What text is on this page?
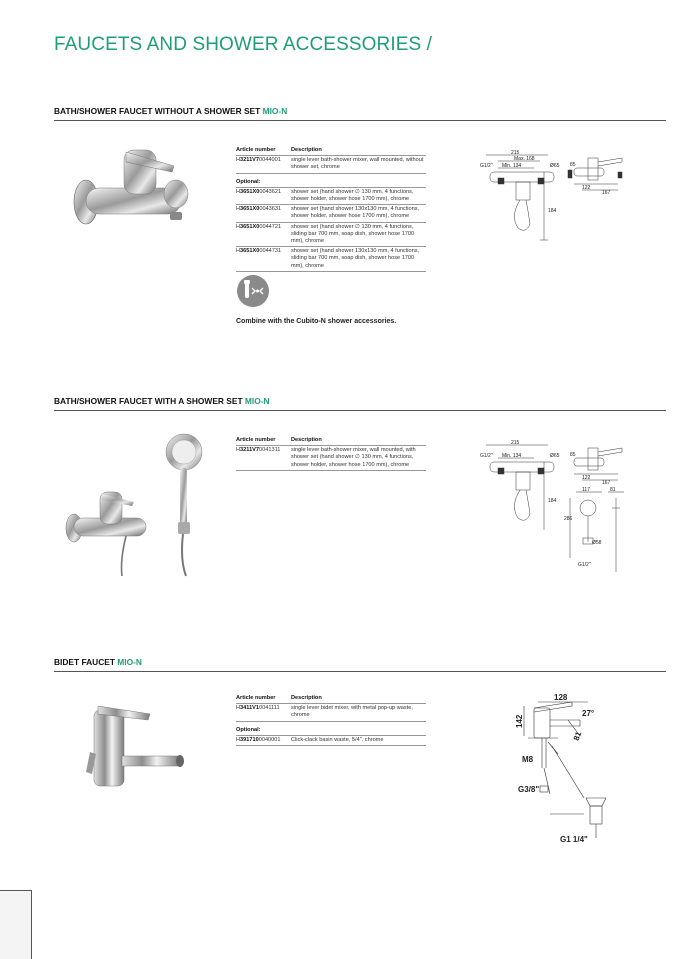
FAUCETS AND SHOWER ACCESSORIES /
BATH/SHOWER FAUCET WITHOUT A SHOWER SET MIO-N
Article number	Description
H3211V70044001	single lever bath-shower mixer, wall mounted, without shower set, chrome
Optional:
H3651X00043621	shower set (hand shower ∅ 130 mm, 4 functions, shower holder, shower hose 1700 mm), chrome
H3651X00043631	shower set (hand shower 130x130 mm, 4 functions, shower holder, shower hose 1700 mm), chrome
H3651X00044721	shower set (hand shower ∅ 130 mm, 4 functions, sliding bar 700 mm, soap dish, shower hose 1700 mm), chrome
H3651X00044731	shower set (hand shower 130x130 mm, 4 functions, sliding bar 700 mm, soap dish, shower hose 1700 mm), chrome
Combine with the Cubito-N shower accessories.
215
Max. 168
G1/2" Min. 134	Ø65
184
85
122
167
BATH/SHOWER FAUCET WITH A SHOWER SET MIO-N
Article number	Description
H3211V70041311	single lever bath-shower mixer, wall mounted, with shower set (hand shower ∅ 130 mm, 4 functions, shower holder, shower hose 1700 mm), chrome
215
G1/2" Min. 134	Ø65
184
85
122
167
117	81
286
Ø58
G1/2"
BIDET FAUCET MIO-N
Article number	Description
H3411V10041111	single lever bidet mixer, with metal pop-up waste, chrome
Optional:
H3917100040001	Click-clack basin waste, 5/4", chrome
128
142
81
27°
M8
G3/8"
G1 1/4"
